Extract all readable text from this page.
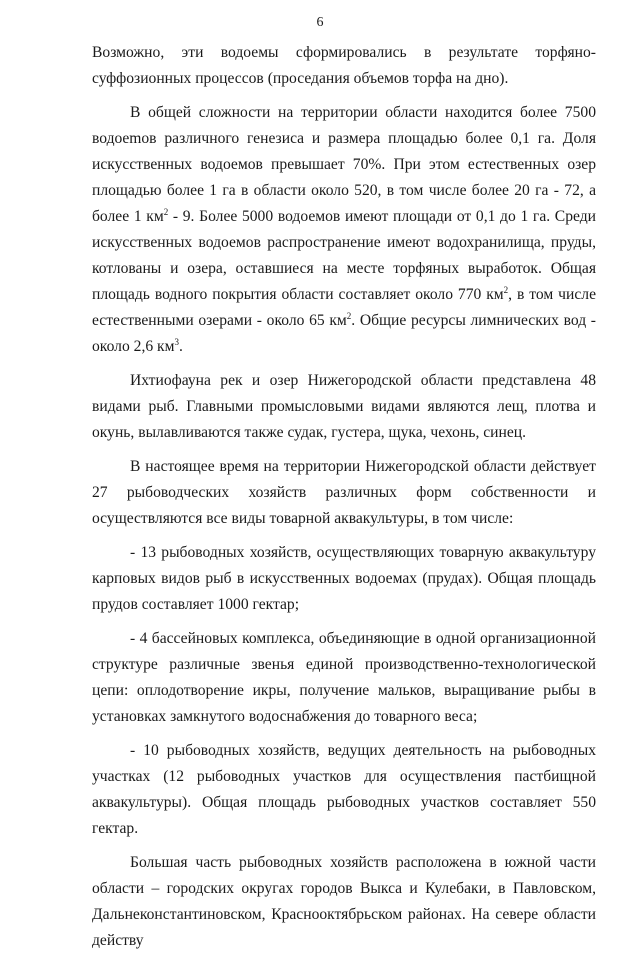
6

Возможно, эти водоемы сформировались в результате торфяно-суффозионных процессов (проседания объемов торфа на дно).

В общей сложности на территории области находится более 7500 водоemов различного генезиса и размера площадью более 0,1 га. Доля искусственных водоемов превышает 70%. При этом естественных озер площадью более 1 га в области около 520, в том числе более 20 га - 72, а более 1 $км^2 - 9$. Более 5000 водоемов имеют площади от 0,1 до 1 га. Среди искусственных водоемов распространение имеют водохранилища, пруды, котлованы и озера, оставшиеся на месте торфяных выработок. Общая площадь водного покрытия области составляет около 770 $км^2$, в том числе естественными озерами - около 65 $км^2$. Общие ресурсы лимнических вод - около 2,6 $км^3$.

Ихтиофауна рек и озер Нижегородской области представлена 48 видами рыб. Главными промысловыми видами являются лещ, плотва и окунь, вылавливаются также судак, густера, щука, чехонь, синец.

В настоящее время на территории Нижегородской области действует 27 рыбоводческих хозяйств различных форм собственности и осуществляются все виды товарной аквакультуры, в том числе:

- 13 рыбоводных хозяйств, осуществляющих товарную аквакультуру карповых видов рыб в искусственных водоемах (прудах). Общая площадь прудов составляет 1000 гектар;

- 4 бассейновых комплекса, объединяющие в одной организационной структуре различные звенья единой производственно-технологической цепи: оплодотворение икры, получение мальков, выращивание рыбы в установках замкнутого водоснабжения до товарного веса;

- 10 рыбоводных хозяйств, ведущих деятельность на рыбоводных участках (12 рыбоводных участков для осуществления пастбищной аквакультуры). Общая площадь рыбоводных участков составляет 550 гектар.

Большая часть рыбоводных хозяйств расположена в южной части области – городских округах городов Выкса и Кулебаки, в Павловском, Дальнеконстантиновском, Краснооктябрьском районах. На севере области действу
